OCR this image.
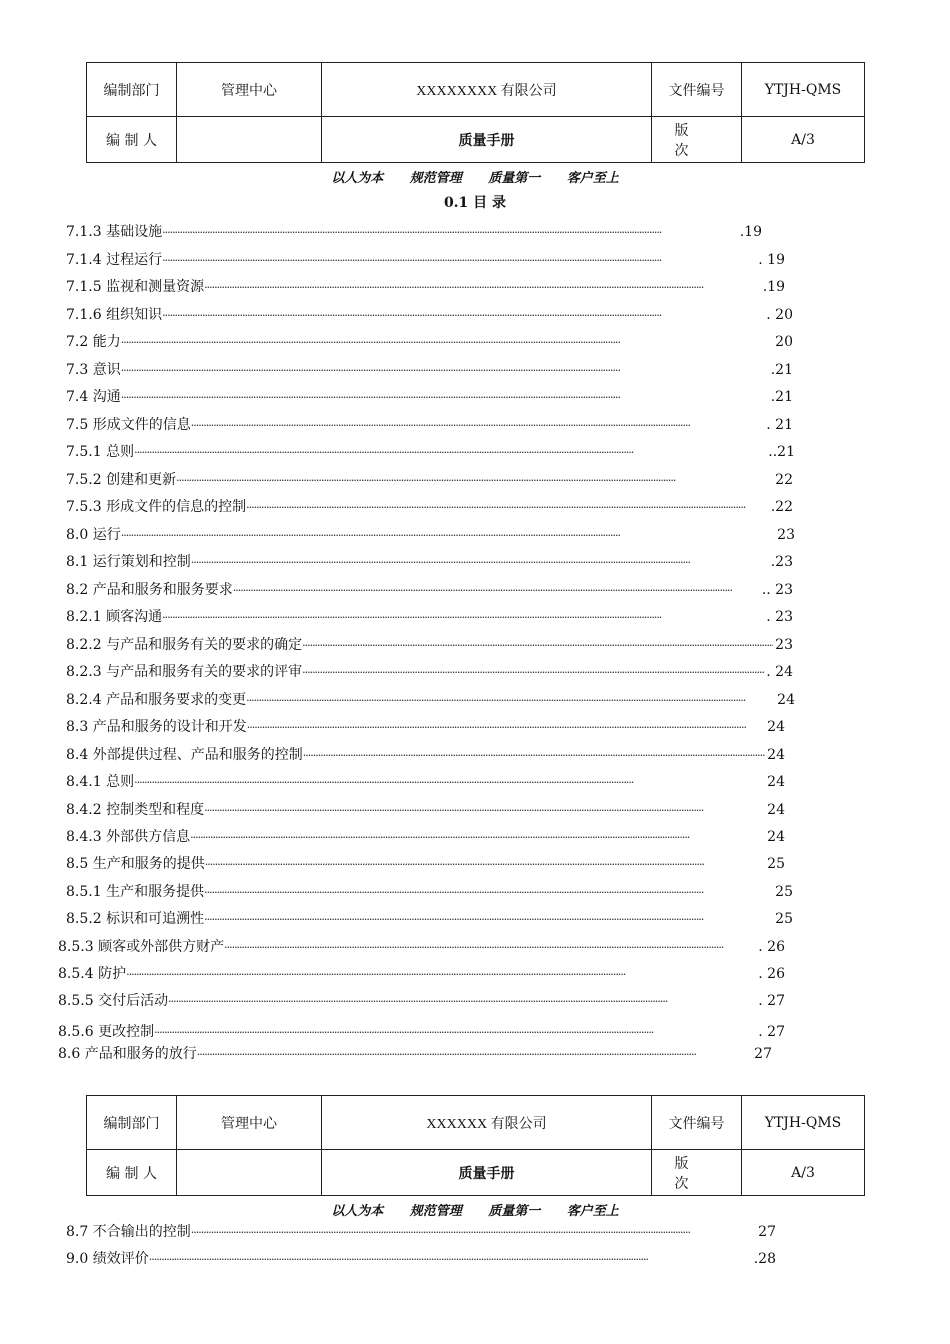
编制部门	管理中心	XXXXXXXX 有限公司	文件编号	YTJH-QMS
编 制 人		质量手册	版 次	A/3
以人为本 规范管理 质量第一 客户至上
0.1 目 录
7.1.3 基础设施 ·····	.19
7.1.4 过程运行 ·····	. 19
7.1.5 监视和测量资源 ·····	.19
7.1.6 组织知识 ·····	. 20
7.2 能力 ·····	20
7.3 意识 ·····	.21
7.4 沟通 ·····	.21
7.5 形成文件的信息 ·····	. 21
7.5.1 总则 ·····	..21
7.5.2 创建和更新 ·····	22
7.5.3 形成文件的信息的控制 ·····	.22
8.0 运行 ·····	23
8.1 运行策划和控制 ·····	.23
8.2 产品和服务和服务要求 ·····	.. 23
8.2.1 顾客沟通 ·····	. 23
8.2.2 与产品和服务有关的要求的确定 ·····	23
8.2.3 与产品和服务有关的要求的评审 ·····	. 24
8.2.4 产品和服务要求的变更 ·····	24
8.3 产品和服务的设计和开发 ·····	24
8.4 外部提供过程、产品和服务的控制 ·····	24
8.4.1 总则 ·····	24
8.4.2 控制类型和程度 ·····	24
8.4.3 外部供方信息 ·····	24
8.5 生产和服务的提供 ·····	25
8.5.1 生产和服务提供 ·····	25
8.5.2 标识和可追溯性 ·····	25
8.5.3 顾客或外部供方财产 ·····	. 26
8.5.4 防护 ·····	. 26
8.5.5 交付后活动 ·····	. 27
8.5.6 更改控制 ·····	. 27
8.6 产品和服务的放行 ·····	27
编制部门	管理中心	XXXXXX 有限公司	文件编号	YTJH-QMS
编 制 人		质量手册	版 次	A/3
以人为本 规范管理 质量第一 客户至上
8.7 不合输出的控制 ·····	27
9.0 绩效评价 ·····	.28
